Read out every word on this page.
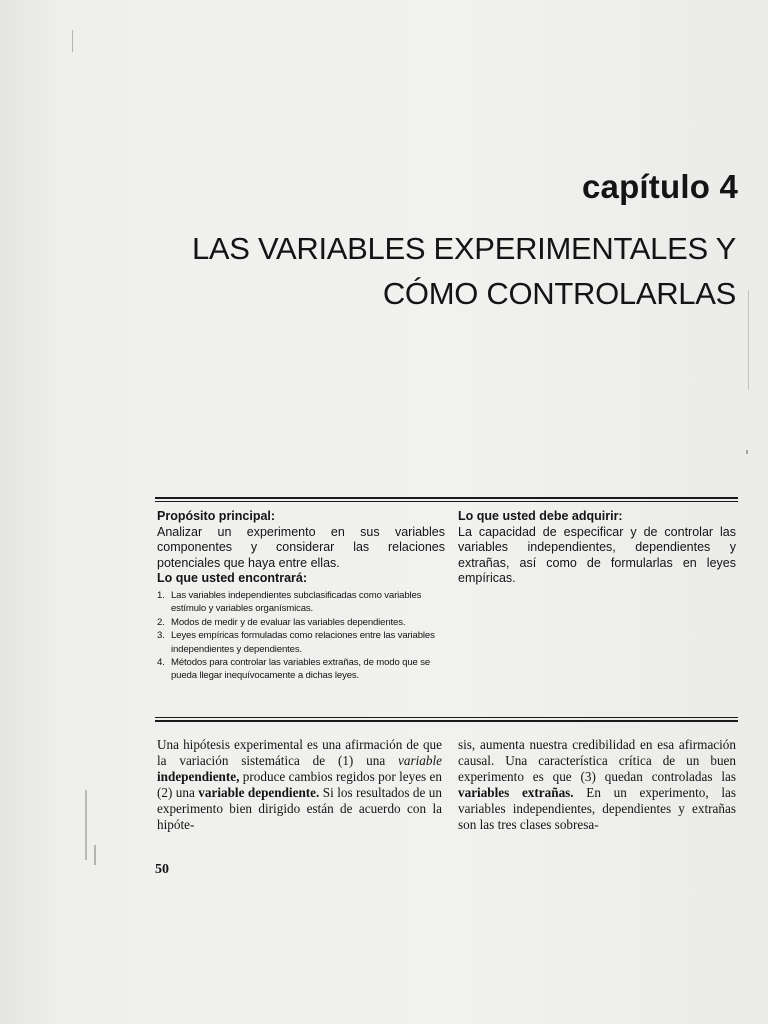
capítulo 4
LAS VARIABLES EXPERIMENTALES Y
CÓMO CONTROLARLAS
Propósito principal:
Analizar un experimento en sus variables componentes y considerar las relaciones potenciales que haya entre ellas.
Lo que usted encontrará:
1. Las variables independientes subclasificadas como variables estímulo y variables organísmicas.
2. Modos de medir y de evaluar las variables dependientes.
3. Leyes empíricas formuladas como relaciones entre las variables independientes y dependientes.
4. Métodos para controlar las variables extrañas, de modo que se pueda llegar inequívocamente a dichas leyes.
Lo que usted debe adquirir:
La capacidad de especificar y de controlar las variables independientes, dependientes y extrañas, así como de formularlas en leyes empíricas.
Una hipótesis experimental es una afirmación de que la variación sistemática de (1) una variable independiente, produce cambios regidos por leyes en (2) una variable dependiente. Si los resultados de un experimento bien dirigido están de acuerdo con la hipóte-
sis, aumenta nuestra credibilidad en esa afirmación causal. Una característica crítica de un buen experimento es que (3) quedan controladas las variables extrañas. En un experimento, las variables independientes, dependientes y extrañas son las tres clases sobresa-
50
